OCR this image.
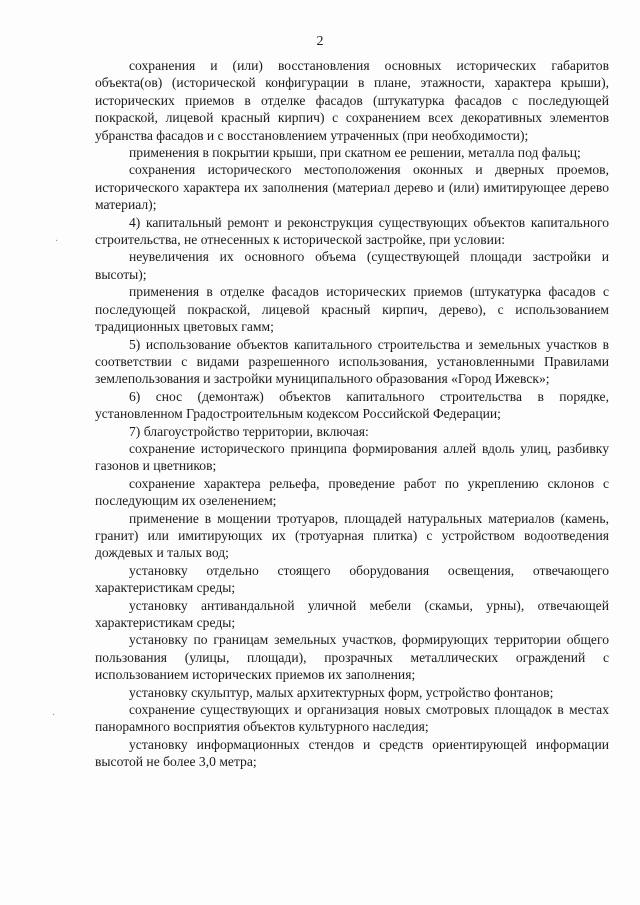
2

сохранения и (или) восстановления основных исторических габаритов объекта(ов) (исторической конфигурации в плане, этажности, характера крыши), исторических приемов в отделке фасадов (штукатурка фасадов с последующей покраской, лицевой красный кирпич) с сохранением всех декоративных элементов убранства фасадов и с восстановлением утраченных (при необходимости);

применения в покрытии крыши, при скатном ее решении, металла под фальц;

сохранения исторического местоположения оконных и дверных проемов, исторического характера их заполнения (материал дерево и (или) имитирующее дерево материал);

4) капитальный ремонт и реконструкция существующих объектов капитального строительства, не отнесенных к исторической застройке, при условии:

неувеличения их основного объема (существующей площади застройки и высоты);

применения в отделке фасадов исторических приемов (штукатурка фасадов с последующей покраской, лицевой красный кирпич, дерево), с использованием традиционных цветовых гамм;

5) использование объектов капитального строительства и земельных участков в соответствии с видами разрешенного использования, установленными Правилами землепользования и застройки муниципального образования «Город Ижевск»;

6) снос (демонтаж) объектов капитального строительства в порядке, установленном Градостроительным кодексом Российской Федерации;

7) благоустройство территории, включая:

сохранение исторического принципа формирования аллей вдоль улиц, разбивку газонов и цветников;

сохранение характера рельефа, проведение работ по укреплению склонов с последующим их озеленением;

применение в мощении тротуаров, площадей натуральных материалов (камень, гранит) или имитирующих их (тротуарная плитка) с устройством водоотведения дождевых и талых вод;

установку отдельно стоящего оборудования освещения, отвечающего характеристикам среды;

установку антивандальной уличной мебели (скамьи, урны), отвечающей характеристикам среды;

установку по границам земельных участков, формирующих территории общего пользования (улицы, площади), прозрачных металлических ограждений с использованием исторических приемов их заполнения;

установку скульптур, малых архитектурных форм, устройство фонтанов;

сохранение существующих и организация новых смотровых площадок в местах панорамного восприятия объектов культурного наследия;

установку информационных стендов и средств ориентирующей информации высотой не более 3,0 метра;

·
·
